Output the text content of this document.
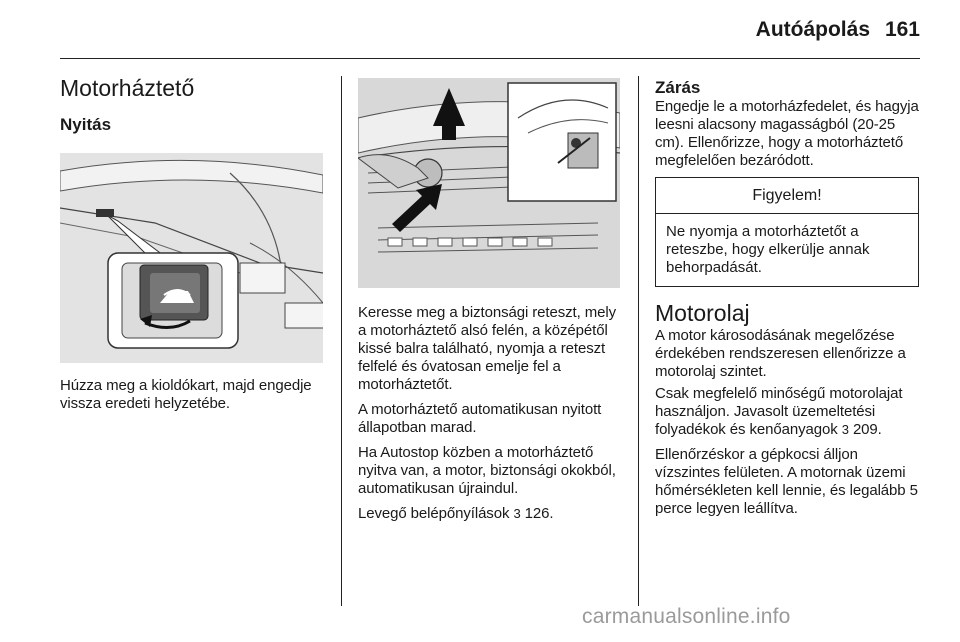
Autóápolás 161
Motorháztető
Nyitás

Húzza meg a kioldókart, majd engedje vissza eredeti helyzetébe.

Keresse meg a biztonsági reteszt, mely a motorháztető alsó felén, a középétől kissé balra található, nyomja a reteszt felfelé és óvatosan emelje fel a motorháztetőt.

A motorháztető automatikusan nyitott állapotban marad.

Ha Autostop közben a motorháztető nyitva van, a motor, biztonsági okokból, automatikusan újraindul.

Levegő belépőnyílások 3 126.

Zárás

Engedje le a motorházfedelet, és hagyja leesni alacsony magasságból (20-25 cm). Ellenőrizze, hogy a motorháztető megfelelően bezáródott.

Figyelem!
Ne nyomja a motorháztetőt a reteszbe, hogy elkerülje annak behorpadását.
Motorolaj

A motor károsodásának megelőzése érdekében rendszeresen ellenőrizze a motorolaj szintet.

Csak megfelelő minőségű motorolajat használjon. Javasolt üzemeltetési folyadékok és kenőanyagok 3 209.

Ellenőrzéskor a gépkocsi álljon vízszintes felületen. A motornak üzemi hőmérsékleten kell lennie, és legalább 5 perce legyen leállítva.

carmanualsonline.info
